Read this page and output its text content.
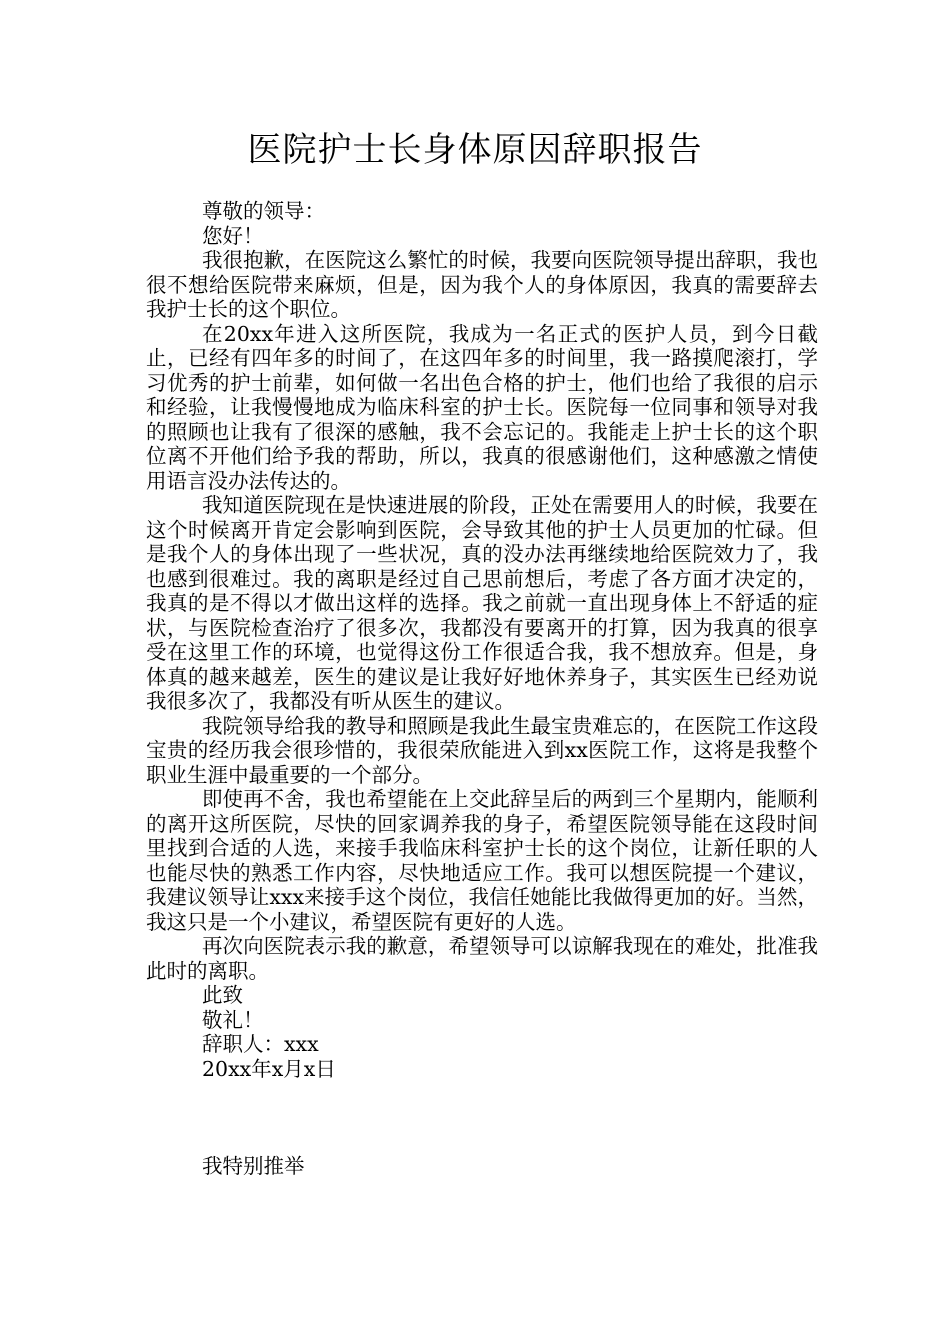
医院护士长身体原因辞职报告

尊敬的领导：

您好！

我很抱歉，在医院这么繁忙的时候，我要向医院领导提出辞职，我也很不想给医院带来麻烦，但是，因为我个人的身体原因，我真的需要辞去我护士长的这个职位。

在20xx年进入这所医院，我成为一名正式的医护人员，到今日截止，已经有四年多的时间了，在这四年多的时间里，我一路摸爬滚打，学习优秀的护士前辈，如何做一名出色合格的护士，他们也给了我很的启示和经验，让我慢慢地成为临床科室的护士长。医院每一位同事和领导对我的照顾也让我有了很深的感触，我不会忘记的。我能走上护士长的这个职位离不开他们给予我的帮助，所以，我真的很感谢他们，这种感激之情使用语言没办法传达的。

我知道医院现在是快速进展的阶段，正处在需要用人的时候，我要在这个时候离开肯定会影响到医院，会导致其他的护士人员更加的忙碌。但是我个人的身体出现了一些状况，真的没办法再继续地给医院效力了，我也感到很难过。我的离职是经过自己思前想后，考虑了各方面才决定的，我真的是不得以才做出这样的选择。我之前就一直出现身体上不舒适的症状，与医院检查治疗了很多次，我都没有要离开的打算，因为我真的很享受在这里工作的环境，也觉得这份工作很适合我，我不想放弃。但是，身体真的越来越差，医生的建议是让我好好地休养身子，其实医生已经劝说我很多次了，我都没有听从医生的建议。

我院领导给我的教导和照顾是我此生最宝贵难忘的，在医院工作这段宝贵的经历我会很珍惜的，我很荣欣能进入到xx医院工作，这将是我整个职业生涯中最重要的一个部分。

即使再不舍，我也希望能在上交此辞呈后的两到三个星期内，能顺利的离开这所医院，尽快的回家调养我的身子，希望医院领导能在这段时间里找到合适的人选，来接手我临床科室护士长的这个岗位，让新任职的人也能尽快的熟悉工作内容，尽快地适应工作。我可以想医院提一个建议，我建议领导让xxx来接手这个岗位，我信任她能比我做得更加的好。当然，我这只是一个小建议，希望医院有更好的人选。

再次向医院表示我的歉意，希望领导可以谅解我现在的难处，批准我此时的离职。

此致

敬礼！

辞职人：xxx

20xx年x月x日

我特别推举
